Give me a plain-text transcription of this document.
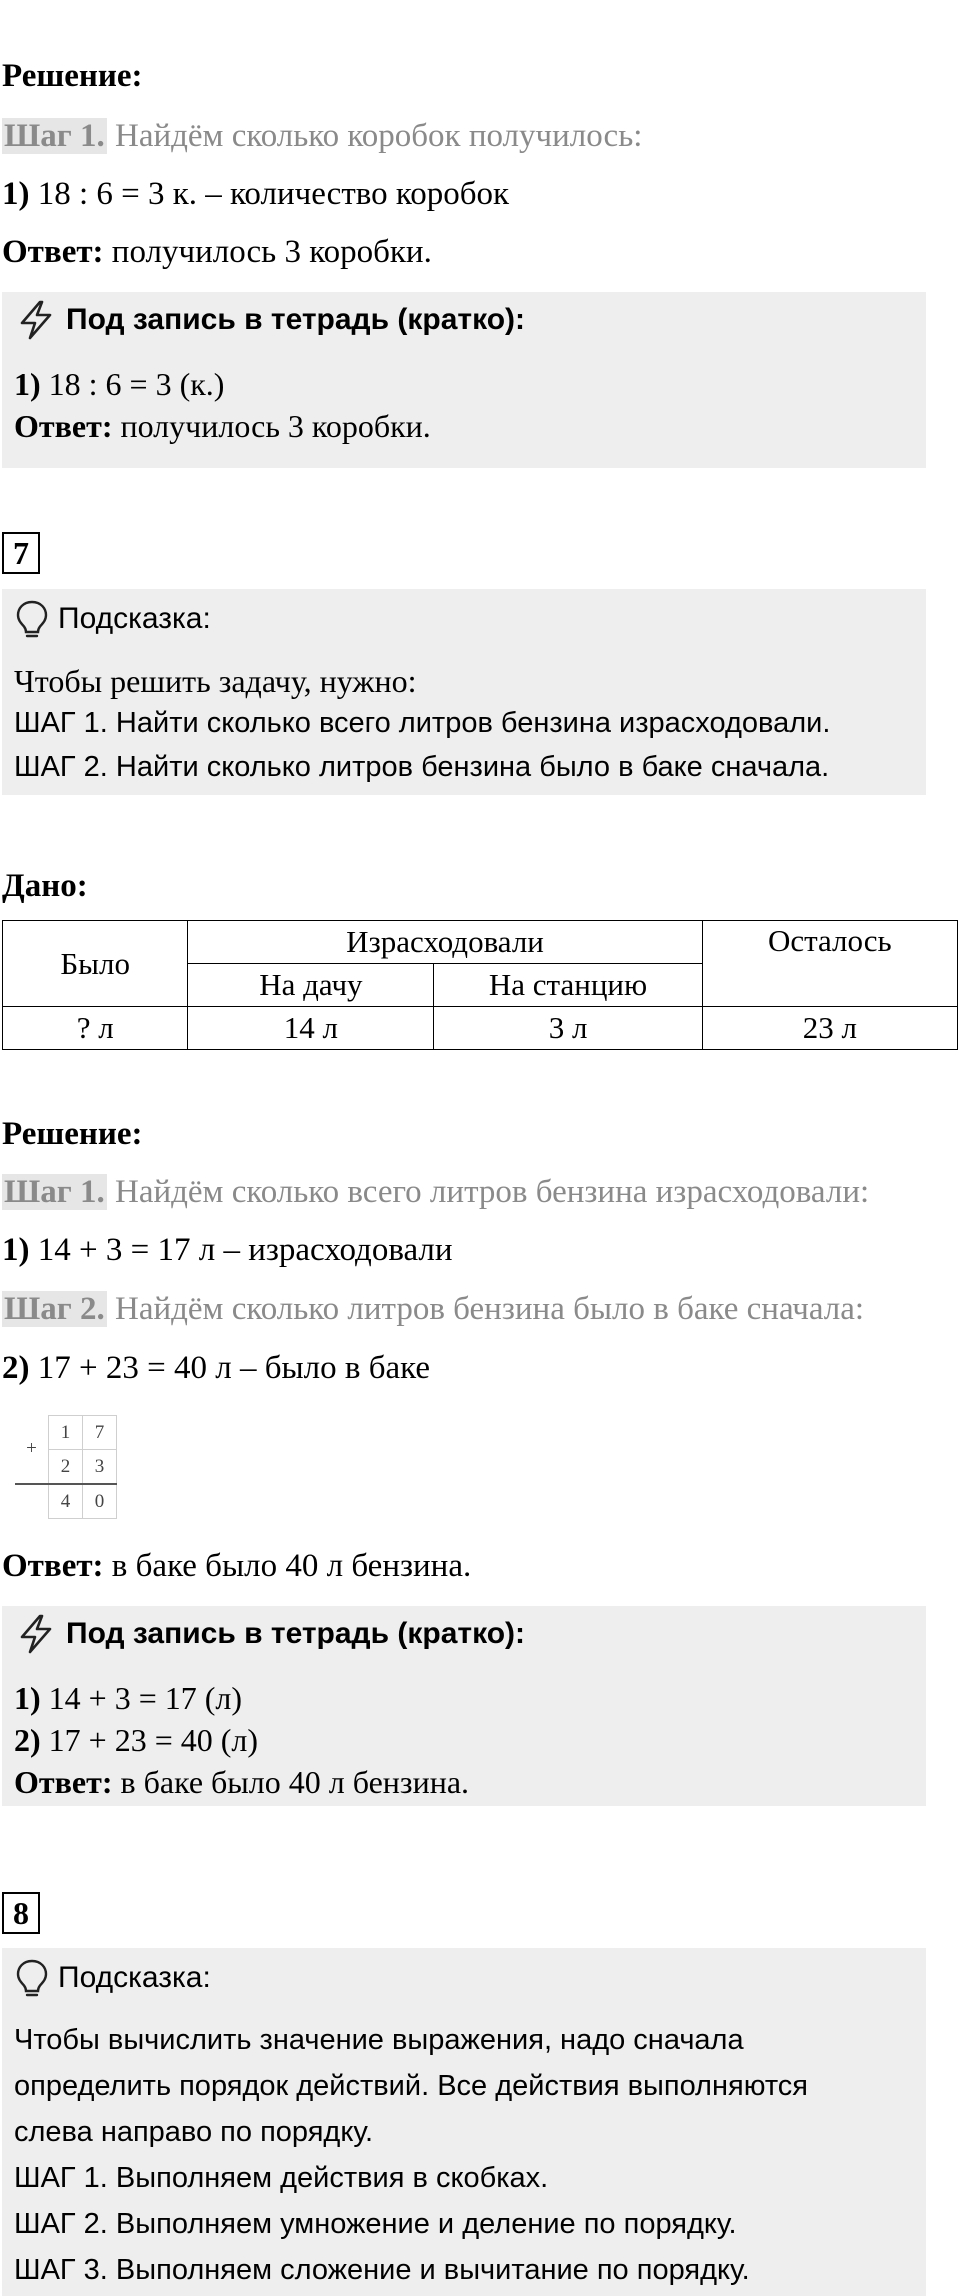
Решение:
Шаг 1. Найдём сколько коробок получилось:
1) 18 : 6 = 3 к. – количество коробок
Ответ: получилось 3 коробки.
Под запись в тетрадь (кратко):
1) 18 : 6 = 3 (к.)
Ответ: получилось 3 коробки.
7
Подсказка:
Чтобы решить задачу, нужно:
ШАГ 1. Найти сколько всего литров бензина израсходовали.
ШАГ 2. Найти сколько литров бензина было в баке сначала.
Дано:
Было	Израсходовали		Осталось
	На дачу	На станцию	
? л	14 л	3 л	23 л
Решение:
Шаг 1. Найдём сколько всего литров бензина израсходовали:
1) 14 + 3 = 17 л – израсходовали
Шаг 2. Найдём сколько литров бензина было в баке сначала:
2) 17 + 23 = 40 л – было в баке
+	1	7
	2	3
	4	0
Ответ: в баке было 40 л бензина.
Под запись в тетрадь (кратко):
1) 14 + 3 = 17 (л)
2) 17 + 23 = 40 (л)
Ответ: в баке было 40 л бензина.
8
Подсказка:
Чтобы вычислить значение выражения, надо сначала
определить порядок действий. Все действия выполняются
слева направо по порядку.
ШАГ 1. Выполняем действия в скобках.
ШАГ 2. Выполняем умножение и деление по порядку.
ШАГ 3. Выполняем сложение и вычитание по порядку.
